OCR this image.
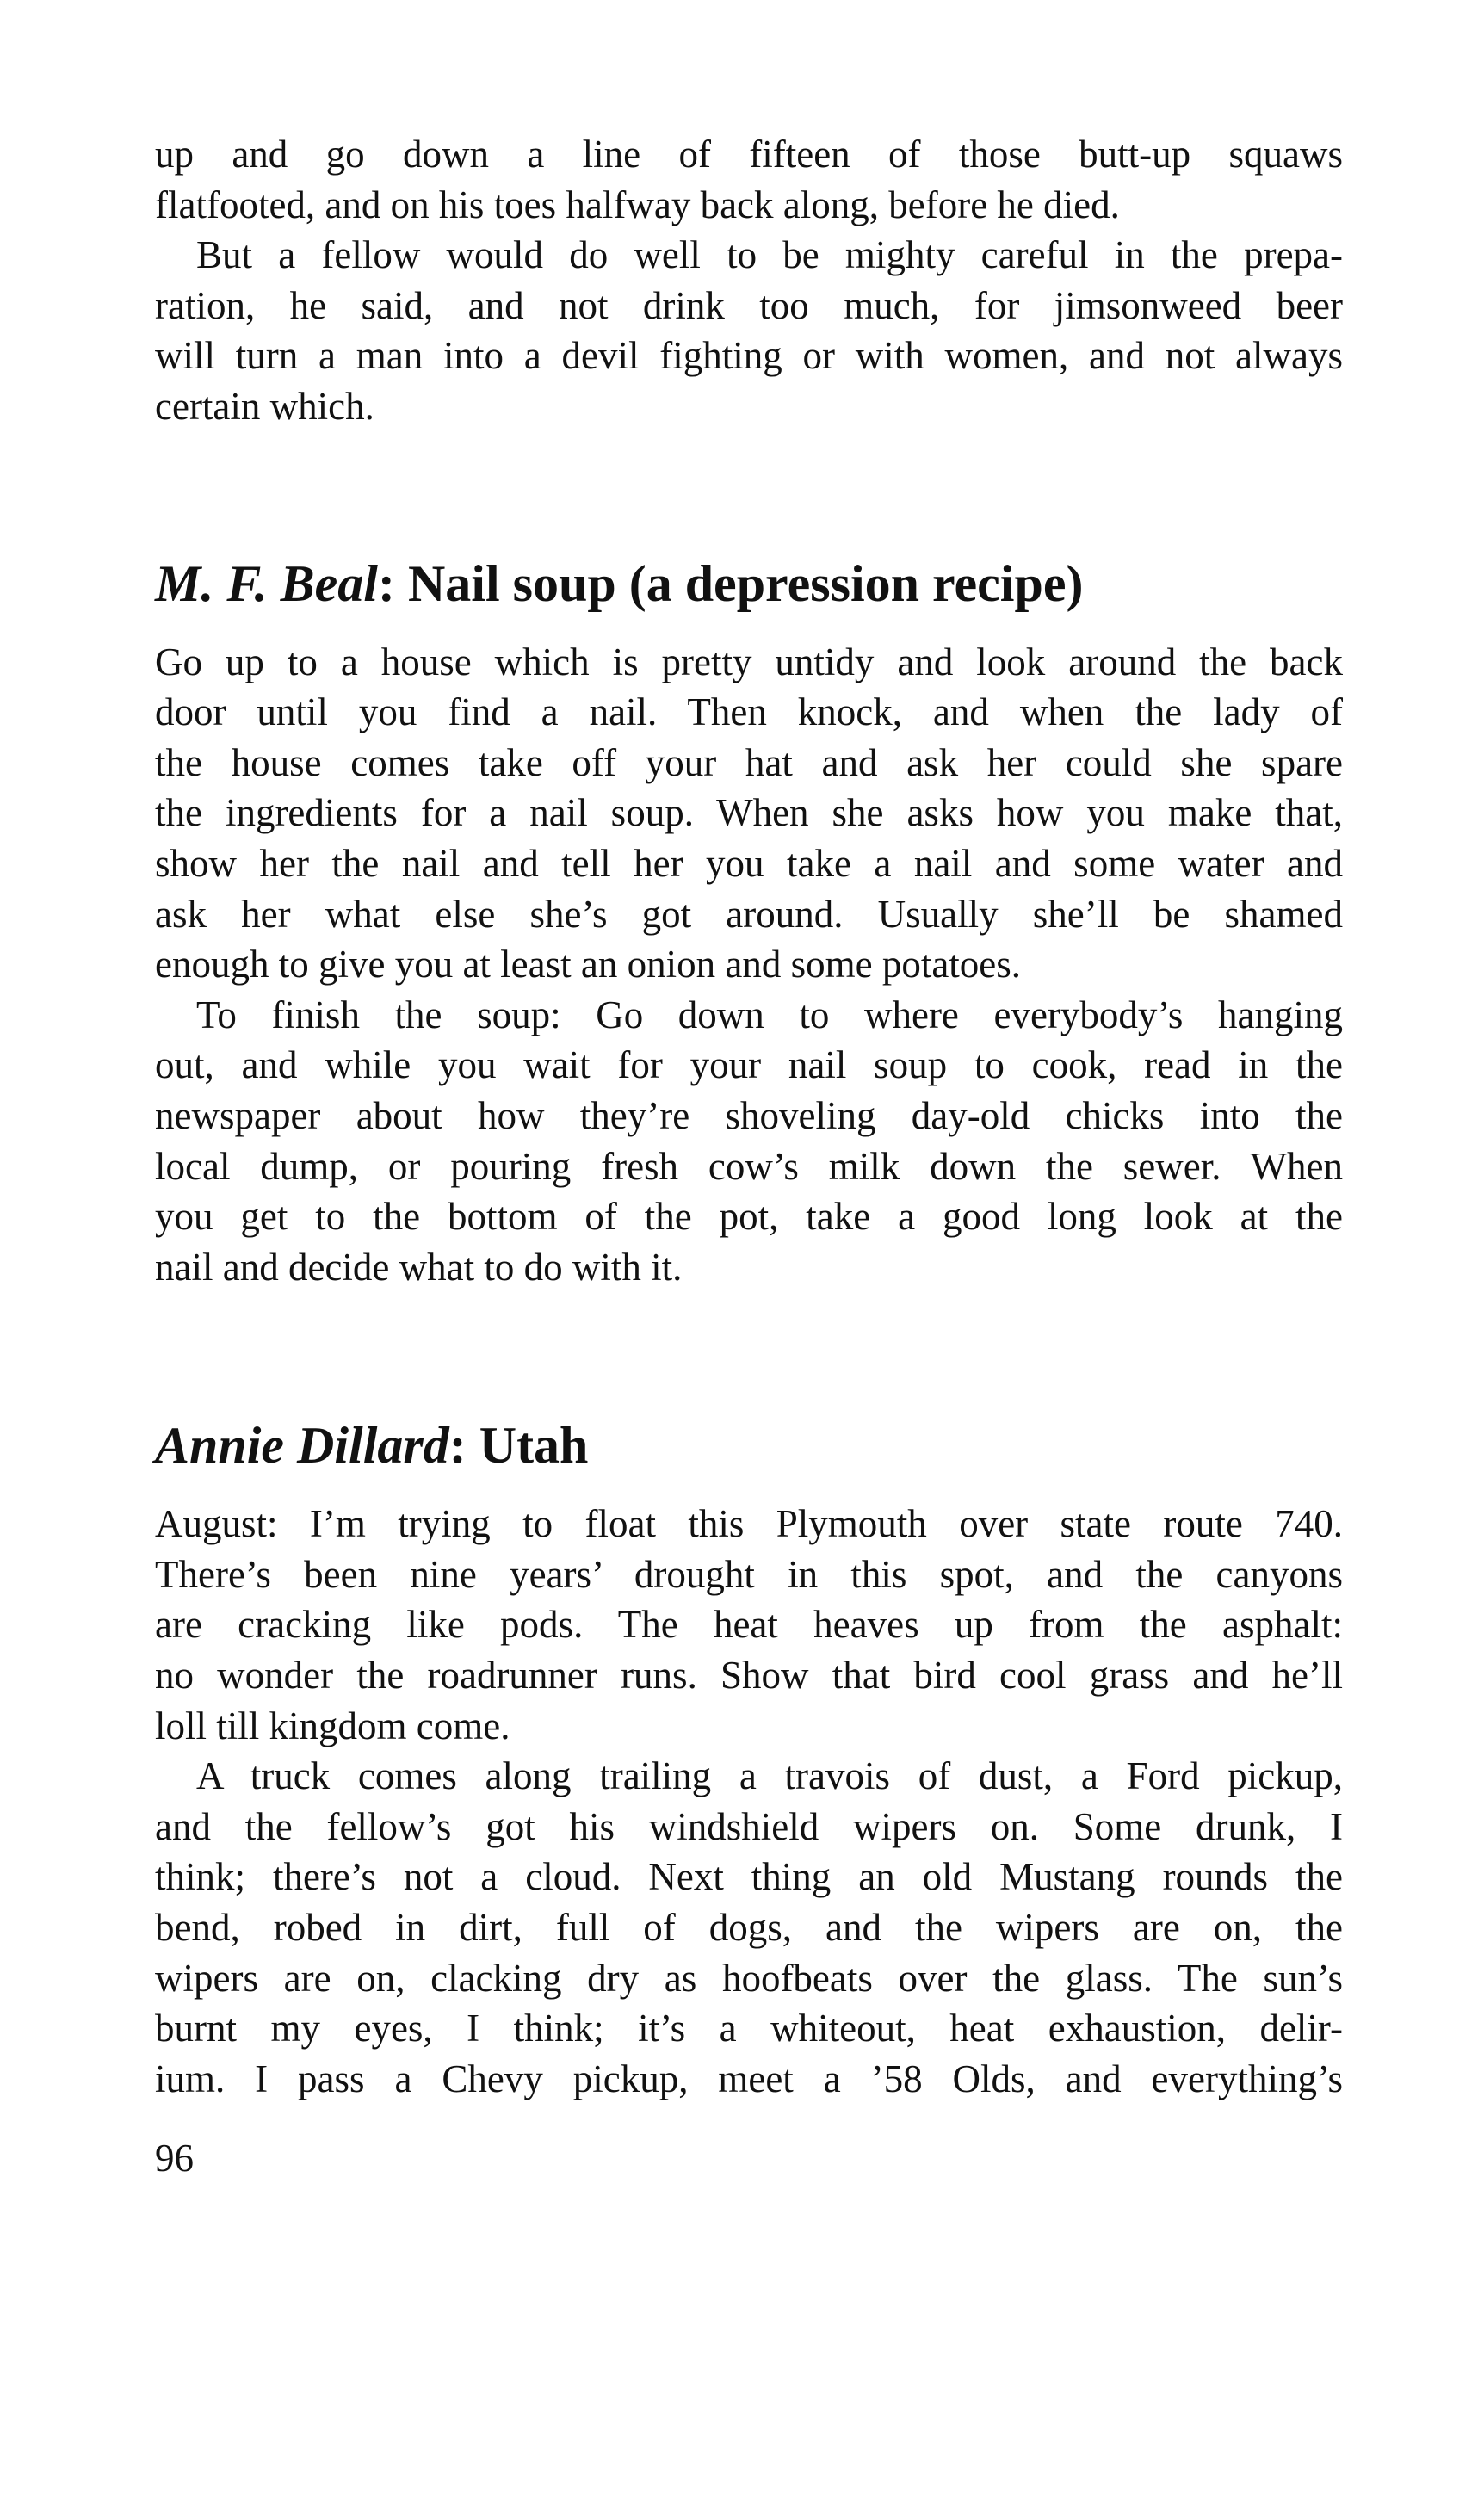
up and go down a line of fifteen of those butt-up squaws
flatfooted, and on his toes halfway back along, before he died.
But a fellow would do well to be mighty careful in the prepa-
ration, he said, and not drink too much, for jimsonweed beer
will turn a man into a devil fighting or with women, and not always
certain which.
M. F. Beal: Nail soup (a depression recipe)
Go up to a house which is pretty untidy and look around the back
door until you find a nail. Then knock, and when the lady of
the house comes take off your hat and ask her could she spare
the ingredients for a nail soup. When she asks how you make that,
show her the nail and tell her you take a nail and some water and
ask her what else she’s got around. Usually she’ll be shamed
enough to give you at least an onion and some potatoes.
To finish the soup: Go down to where everybody’s hanging
out, and while you wait for your nail soup to cook, read in the
newspaper about how they’re shoveling day-old chicks into the
local dump, or pouring fresh cow’s milk down the sewer. When
you get to the bottom of the pot, take a good long look at the
nail and decide what to do with it.
Annie Dillard: Utah
August: I’m trying to float this Plymouth over state route 740.
There’s been nine years’ drought in this spot, and the canyons
are cracking like pods. The heat heaves up from the asphalt:
no wonder the roadrunner runs. Show that bird cool grass and he’ll
loll till kingdom come.
A truck comes along trailing a travois of dust, a Ford pickup,
and the fellow’s got his windshield wipers on. Some drunk, I
think; there’s not a cloud. Next thing an old Mustang rounds the
bend, robed in dirt, full of dogs, and the wipers are on, the
wipers are on, clacking dry as hoofbeats over the glass. The sun’s
burnt my eyes, I think; it’s a whiteout, heat exhaustion, delir-
ium. I pass a Chevy pickup, meet a ’58 Olds, and everything’s
96
